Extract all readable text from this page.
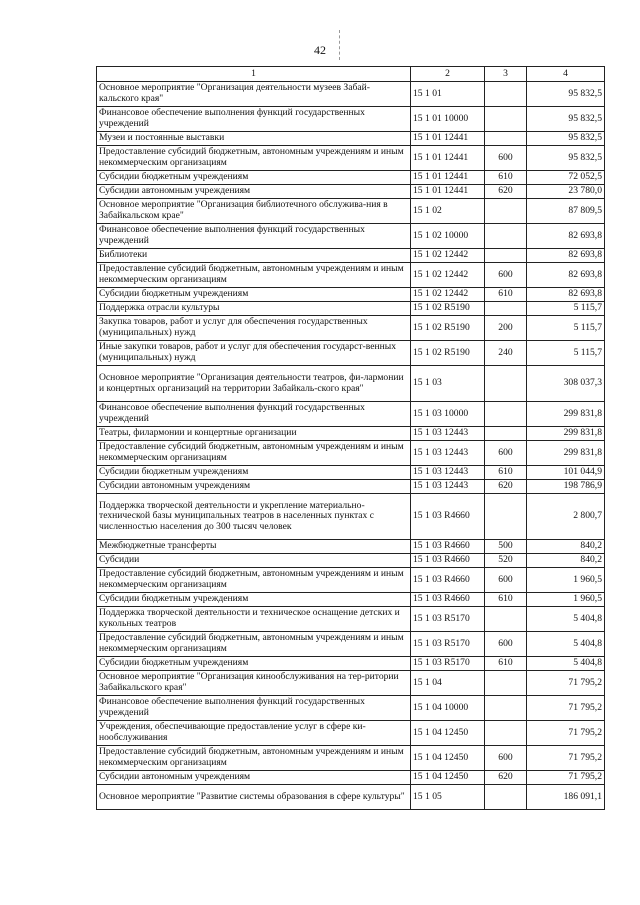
42
1	2	3	4
Основное мероприятие "Организация деятельности музеев Забай-кальского края"	15 1 01		95 832,5
Финансовое обеспечение выполнения функций государственных учреждений	15 1 01 10000		95 832,5
Музеи и постоянные выставки	15 1 01 12441		95 832,5
Предоставление субсидий бюджетным, автономным учреждениям и иным некоммерческим организациям	15 1 01 12441	600	95 832,5
Субсидии бюджетным учреждениям	15 1 01 12441	610	72 052,5
Субсидии автономным учреждениям	15 1 01 12441	620	23 780,0
Основное мероприятие "Организация библиотечного обслужива-ния в Забайкальском крае"	15 1 02		87 809,5
Финансовое обеспечение выполнения функций государственных учреждений	15 1 02 10000		82 693,8
Библиотеки	15 1 02 12442		82 693,8
Предоставление субсидий бюджетным, автономным учреждениям и иным некоммерческим организациям	15 1 02 12442	600	82 693,8
Субсидии бюджетным учреждениям	15 1 02 12442	610	82 693,8
Поддержка отрасли культуры	15 1 02 R5190		5 115,7
Закупка товаров, работ и услуг для обеспечения государственных (муниципальных) нужд	15 1 02 R5190	200	5 115,7
Иные закупки товаров, работ и услуг для обеспечения государст-венных (муниципальных) нужд	15 1 02 R5190	240	5 115,7
Основное мероприятие "Организация деятельности театров, фи-лармонии и концертных организаций на территории Забайкаль-ского края"	15 1 03		308 037,3
Финансовое обеспечение выполнения функций государственных учреждений	15 1 03 10000		299 831,8
Театры, филармонии и концертные организации	15 1 03 12443		299 831,8
Предоставление субсидий бюджетным, автономным учреждениям и иным некоммерческим организациям	15 1 03 12443	600	299 831,8
Субсидии бюджетным учреждениям	15 1 03 12443	610	101 044,9
Субсидии автономным учреждениям	15 1 03 12443	620	198 786,9
Поддержка творческой деятельности и укрепление материально-технической базы муниципальных театров в населенных пунктах с численностью населения до 300 тысяч человек	15 1 03 R4660		2 800,7
Межбюджетные трансферты	15 1 03 R4660	500	840,2
Субсидии	15 1 03 R4660	520	840,2
Предоставление субсидий бюджетным, автономным учреждениям и иным некоммерческим организациям	15 1 03 R4660	600	1 960,5
Субсидии бюджетным учреждениям	15 1 03 R4660	610	1 960,5
Поддержка творческой деятельности и техническое оснащение детских и кукольных театров	15 1 03 R5170		5 404,8
Предоставление субсидий бюджетным, автономным учреждениям и иным некоммерческим организациям	15 1 03 R5170	600	5 404,8
Субсидии бюджетным учреждениям	15 1 03 R5170	610	5 404,8
Основное мероприятие "Организация кинообслуживания на тер-ритории Забайкальского края"	15 1 04		71 795,2
Финансовое обеспечение выполнения функций государственных учреждений	15 1 04 10000		71 795,2
Учреждения, обеспечивающие предоставление услуг в сфере ки-нообслуживания	15 1 04 12450		71 795,2
Предоставление субсидий бюджетным, автономным учреждениям и иным некоммерческим организациям	15 1 04 12450	600	71 795,2
Субсидии автономным учреждениям	15 1 04 12450	620	71 795,2
Основное мероприятие "Развитие системы образования в сфере культуры"	15 1 05		186 091,1
